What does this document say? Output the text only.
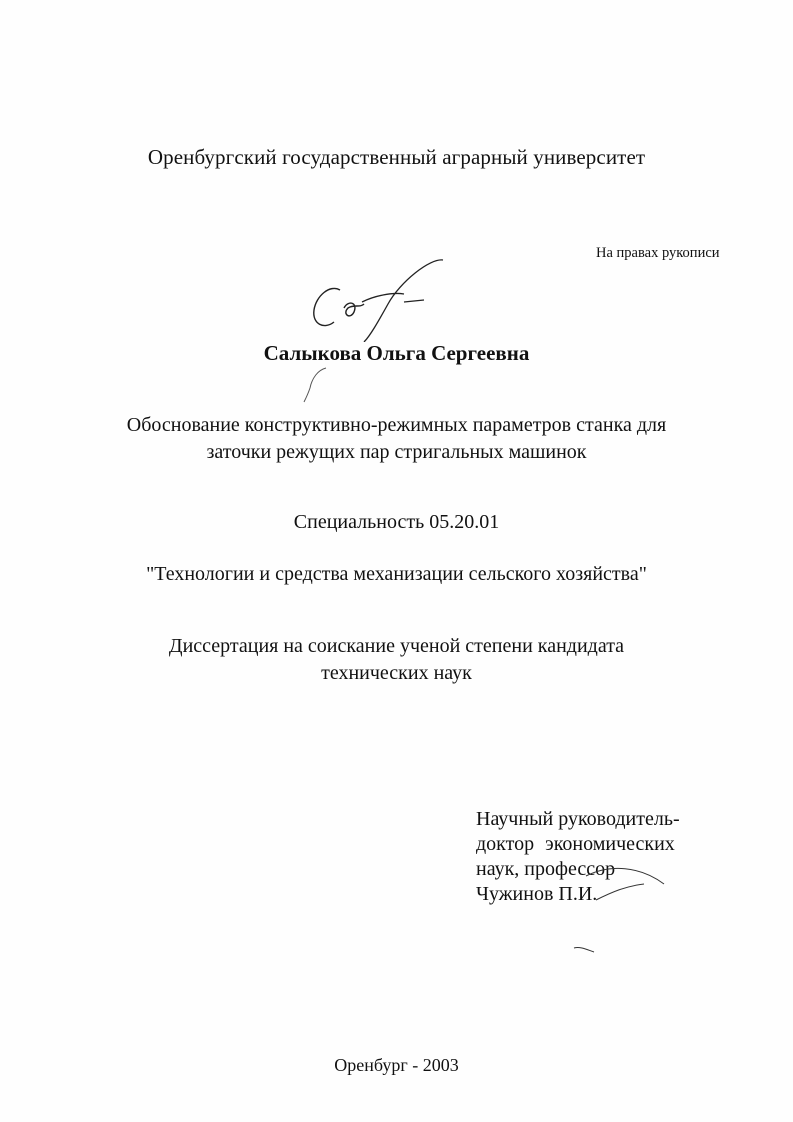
Оренбургский государственный аграрный университет
На правах рукописи
Салыкова Ольга Сергеевна
Обоснование конструктивно-режимных параметров станка для
заточки режущих пар стригальных машинок
Специальность 05.20.01
"Технологии и средства механизации сельского хозяйства"
Диссертация на соискание ученой степени кандидата
технических наук
Научный руководитель-
доктор экономических
наук, профессор
Чужинов П.И.
Оренбург - 2003
